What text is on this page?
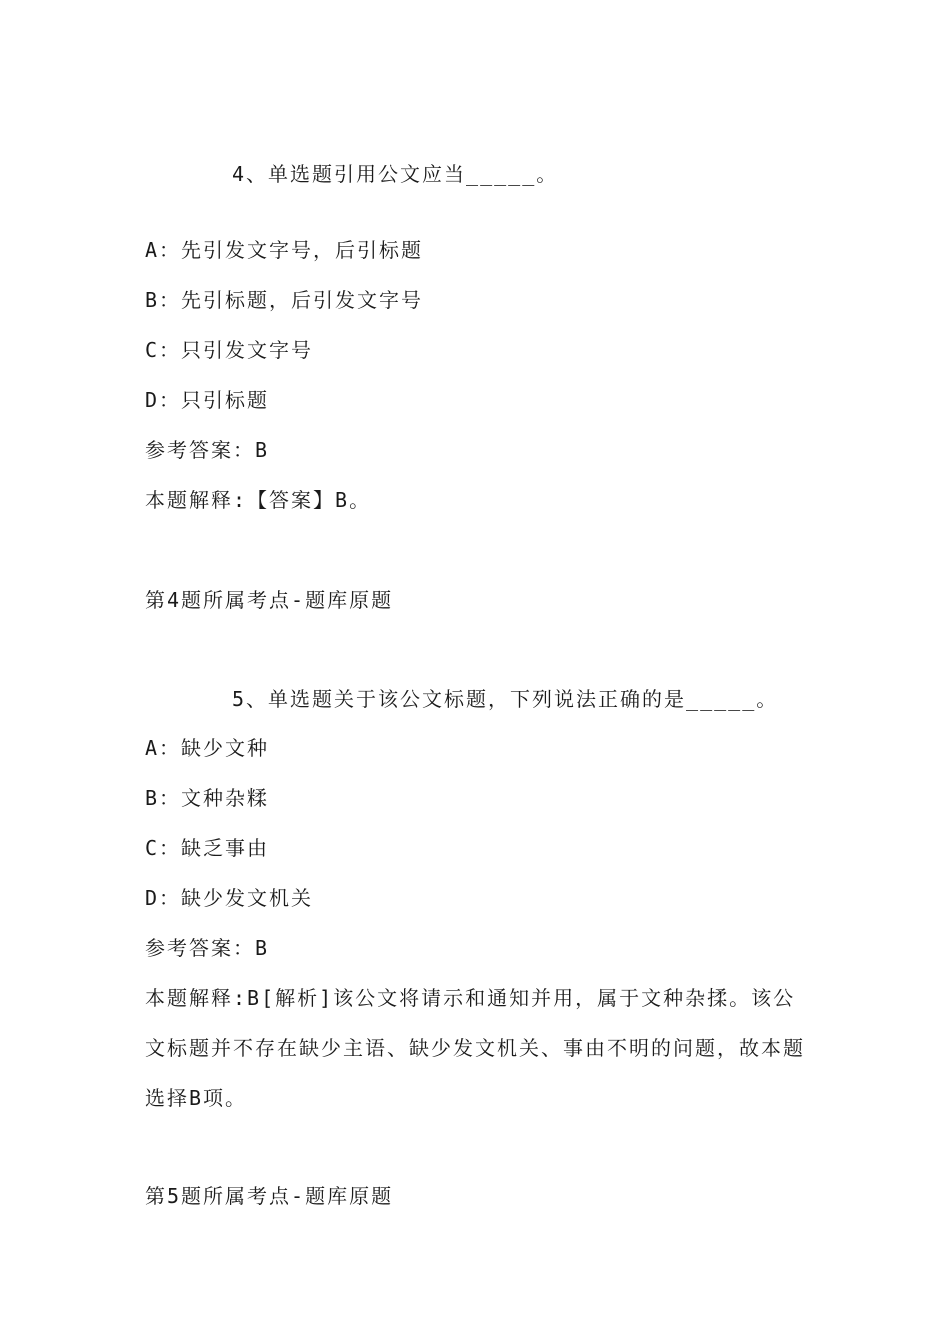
4、单选题引用公文应当_____。
A：先引发文字号，后引标题
B：先引标题，后引发文字号
C：只引发文字号
D：只引标题
参考答案：B
本题解释:【答案】B。
第4题所属考点-题库原题
5、单选题关于该公文标题，下列说法正确的是_____。
A：缺少文种
B：文种杂糅
C：缺乏事由
D：缺少发文机关
参考答案：B
本题解释:B[解析]该公文将请示和通知并用，属于文种杂揉。该公文标题并不存在缺少主语、缺少发文机关、事由不明的问题，故本题选择B项。
第5题所属考点-题库原题
